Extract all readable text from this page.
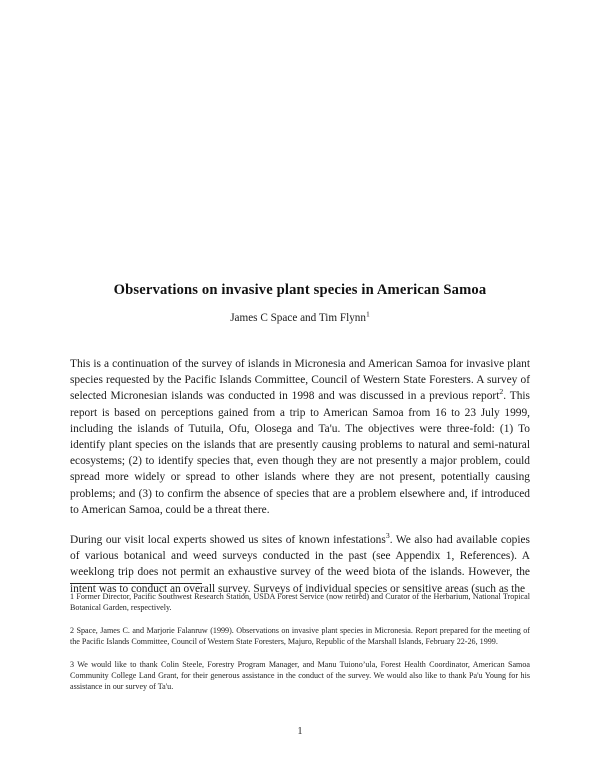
Observations on invasive plant species in American Samoa

James C Space and Tim Flynn$^1$

This is a continuation of the survey of islands in Micronesia and American Samoa for invasive plant species requested by the Pacific Islands Committee, Council of Western State Foresters. A survey of selected Micronesian islands was conducted in 1998 and was discussed in a previous report$^2$. This report is based on perceptions gained from a trip to American Samoa from 16 to 23 July 1999, including the islands of Tutuila, Ofu, Olosega and Ta'u. The objectives were three-fold: (1) To identify plant species on the islands that are presently causing problems to natural and semi-natural ecosystems; (2) to identify species that, even though they are not presently a major problem, could spread more widely or spread to other islands where they are not present, potentially causing problems; and (3) to confirm the absence of species that are a problem elsewhere and, if introduced to American Samoa, could be a threat there.

During our visit local experts showed us sites of known infestations$^3$. We also had available copies of various botanical and weed surveys conducted in the past (see Appendix 1, References). A weeklong trip does not permit an exhaustive survey of the weed biota of the islands. However, the intent was to conduct an overall survey. Surveys of individual species or sensitive areas (such as the

1 Former Director, Pacific Southwest Research Station, USDA Forest Service (now retired) and Curator of the Herbarium, National Tropical Botanical Garden, respectively.

2 Space, James C. and Marjorie Falanruw (1999). Observations on invasive plant species in Micronesia. Report prepared for the meeting of the Pacific Islands Committee, Council of Western State Foresters, Majuro, Republic of the Marshall Islands, February 22-26, 1999.

3 We would like to thank Colin Steele, Forestry Program Manager, and Manu Tuiono’ula, Forest Health Coordinator, American Samoa Community College Land Grant, for their generous assistance in the conduct of the survey. We would also like to thank Pa'u Young for his assistance in our survey of Ta'u.

1
